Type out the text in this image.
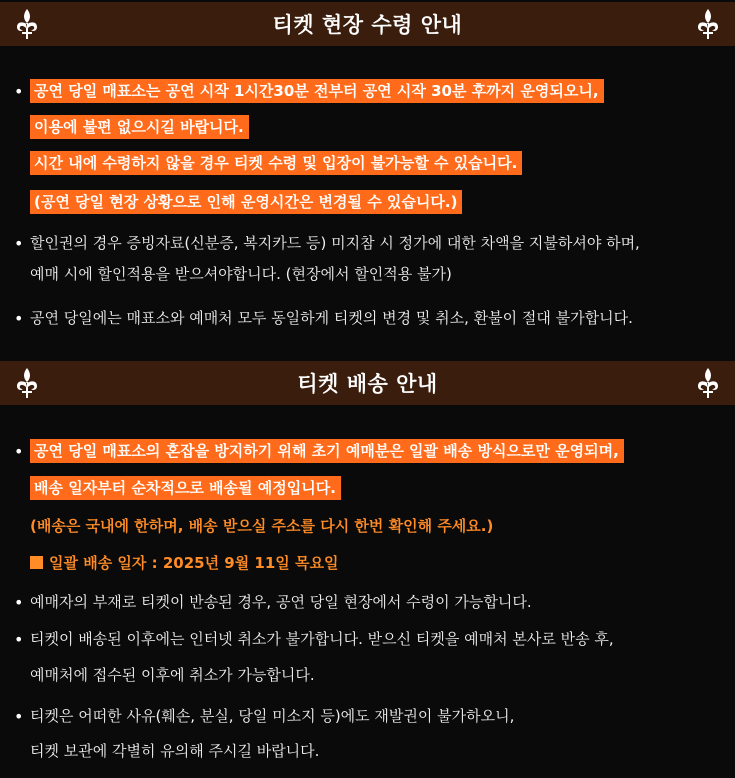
티켓 현장 수령 안내
• 공연 당일 매표소는 공연 시작 1시간30분 전부터 공연 시작 30분 후까지 운영되오니,
이용에 불편 없으시길 바랍니다.
시간 내에 수령하지 않을 경우 티켓 수령 및 입장이 불가능할 수 있습니다.
(공연 당일 현장 상황으로 인해 운영시간은 변경될 수 있습니다.)
• 할인권의 경우 증빙자료(신분증, 복지카드 등) 미지참 시 정가에 대한 차액을 지불하셔야 하며,
예매 시에 할인적용을 받으셔야합니다. (현장에서 할인적용 불가)
• 공연 당일에는 매표소와 예매처 모두 동일하게 티켓의 변경 및 취소, 환불이 절대 불가합니다.
티켓 배송 안내
• 공연 당일 매표소의 혼잡을 방지하기 위해 초기 예매분은 일괄 배송 방식으로만 운영되며,
배송 일자부터 순차적으로 배송될 예정입니다.
(배송은 국내에 한하며, 배송 받으실 주소를 다시 한번 확인해 주세요.)
일괄 배송 일자 : 2025년 9월 11일 목요일
• 예매자의 부재로 티켓이 반송된 경우, 공연 당일 현장에서 수령이 가능합니다.
• 티켓이 배송된 이후에는 인터넷 취소가 불가합니다. 받으신 티켓을 예매처 본사로 반송 후,
예매처에 접수된 이후에 취소가 가능합니다.
• 티켓은 어떠한 사유(훼손, 분실, 당일 미소지 등)에도 재발권이 불가하오니,
티켓 보관에 각별히 유의해 주시길 바랍니다.
